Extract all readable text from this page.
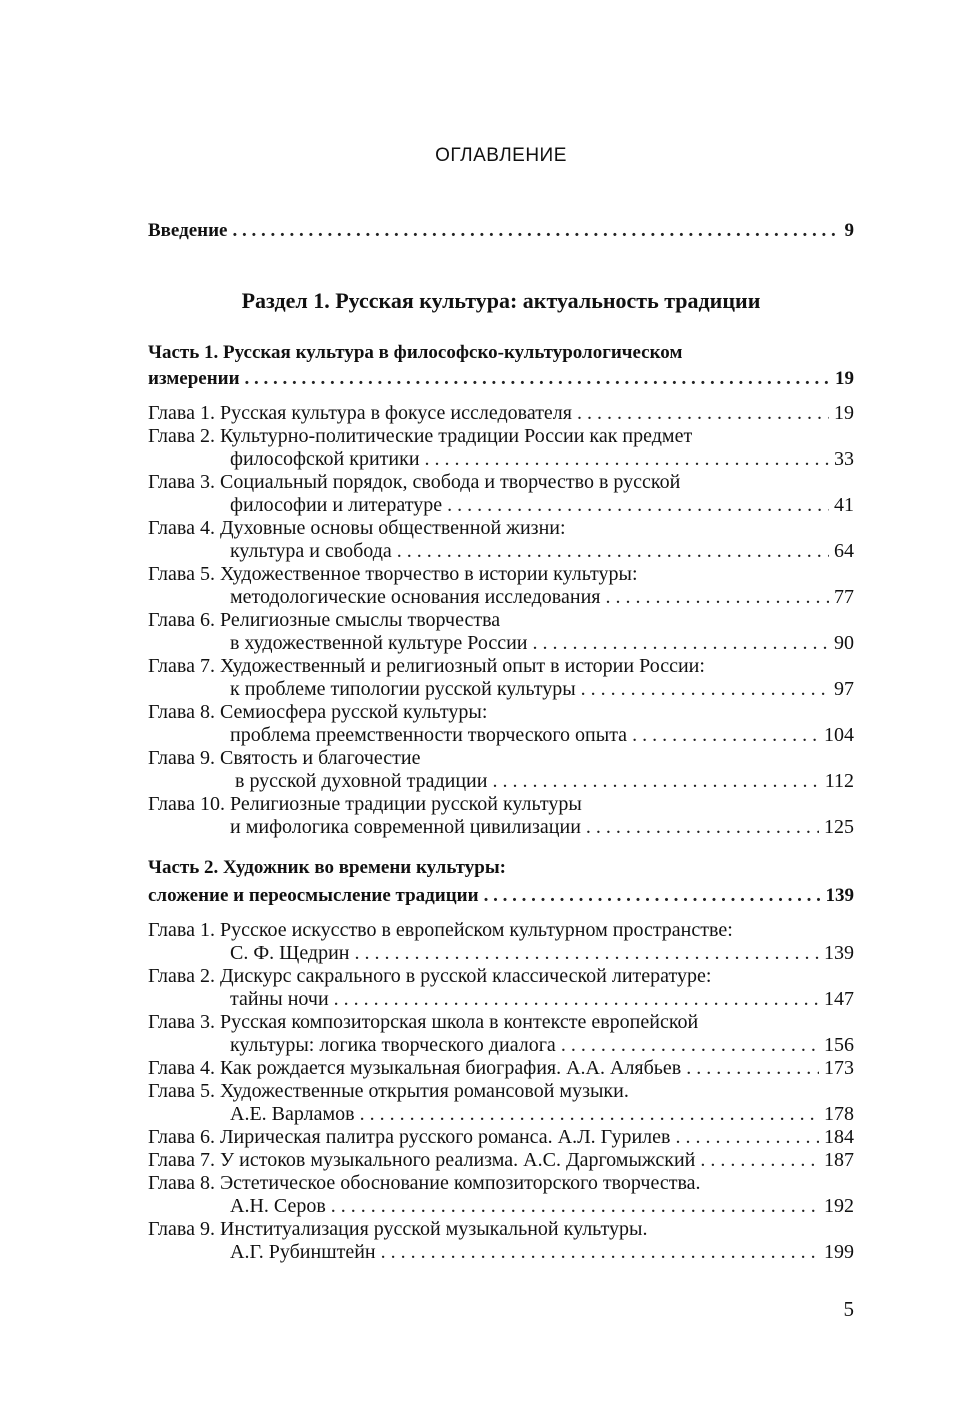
ОГЛАВЛЕНИЕ
Введение . . .	9
Раздел 1. Русская культура: актуальность традиции
Часть 1. Русская культура в философско-культурологическом
измерении . . .	19
Глава 1. Русская культура в фокусе исследователя . . .	19
Глава 2. Культурно-политические традиции России как предмет
философской критики . . .	33
Глава 3. Социальный порядок, свобода и творчество в русской
философии и литературе . . .	41
Глава 4. Духовные основы общественной жизни:
культура и свобода . . .	64
Глава 5. Художественное творчество в истории культуры:
методологические основания исследования . . .	77
Глава 6. Религиозные смыслы творчества
в художественной культуре России . . .	90
Глава 7. Художественный и религиозный опыт в истории России:
к проблеме типологии русской культуры . . .	97
Глава 8. Семиосфера русской культуры:
проблема преемственности творческого опыта . . .	104
Глава 9. Святость и благочестие
в русской духовной традиции . . .	112
Глава 10. Религиозные традиции русской культуры
и мифологика современной цивилизации . . .	125
Часть 2. Художник во времени культуры:
сложение и переосмысление традиции . . .	139
Глава 1. Русское искусство в европейском культурном пространстве:
С. Ф. Щедрин . . .	139
Глава 2. Дискурс сакрального в русской классической литературе:
тайны ночи . . .	147
Глава 3. Русская композиторская школа в контексте европейской
культуры: логика творческого диалога . . .	156
Глава 4. Как рождается музыкальная биография. А.А. Алябьев . . .	173
Глава 5. Художественные открытия романсовой музыки.
А.Е. Варламов . . .	178
Глава 6. Лирическая палитра русского романса. А.Л. Гурилев . . .	184
Глава 7. У истоков музыкального реализма. А.С. Даргомыжский . . .	187
Глава 8. Эстетическое обоснование композиторского творчества.
А.Н. Серов . . .	192
Глава 9. Институализация русской музыкальной культуры.
А.Г. Рубинштейн . . .	199
5
